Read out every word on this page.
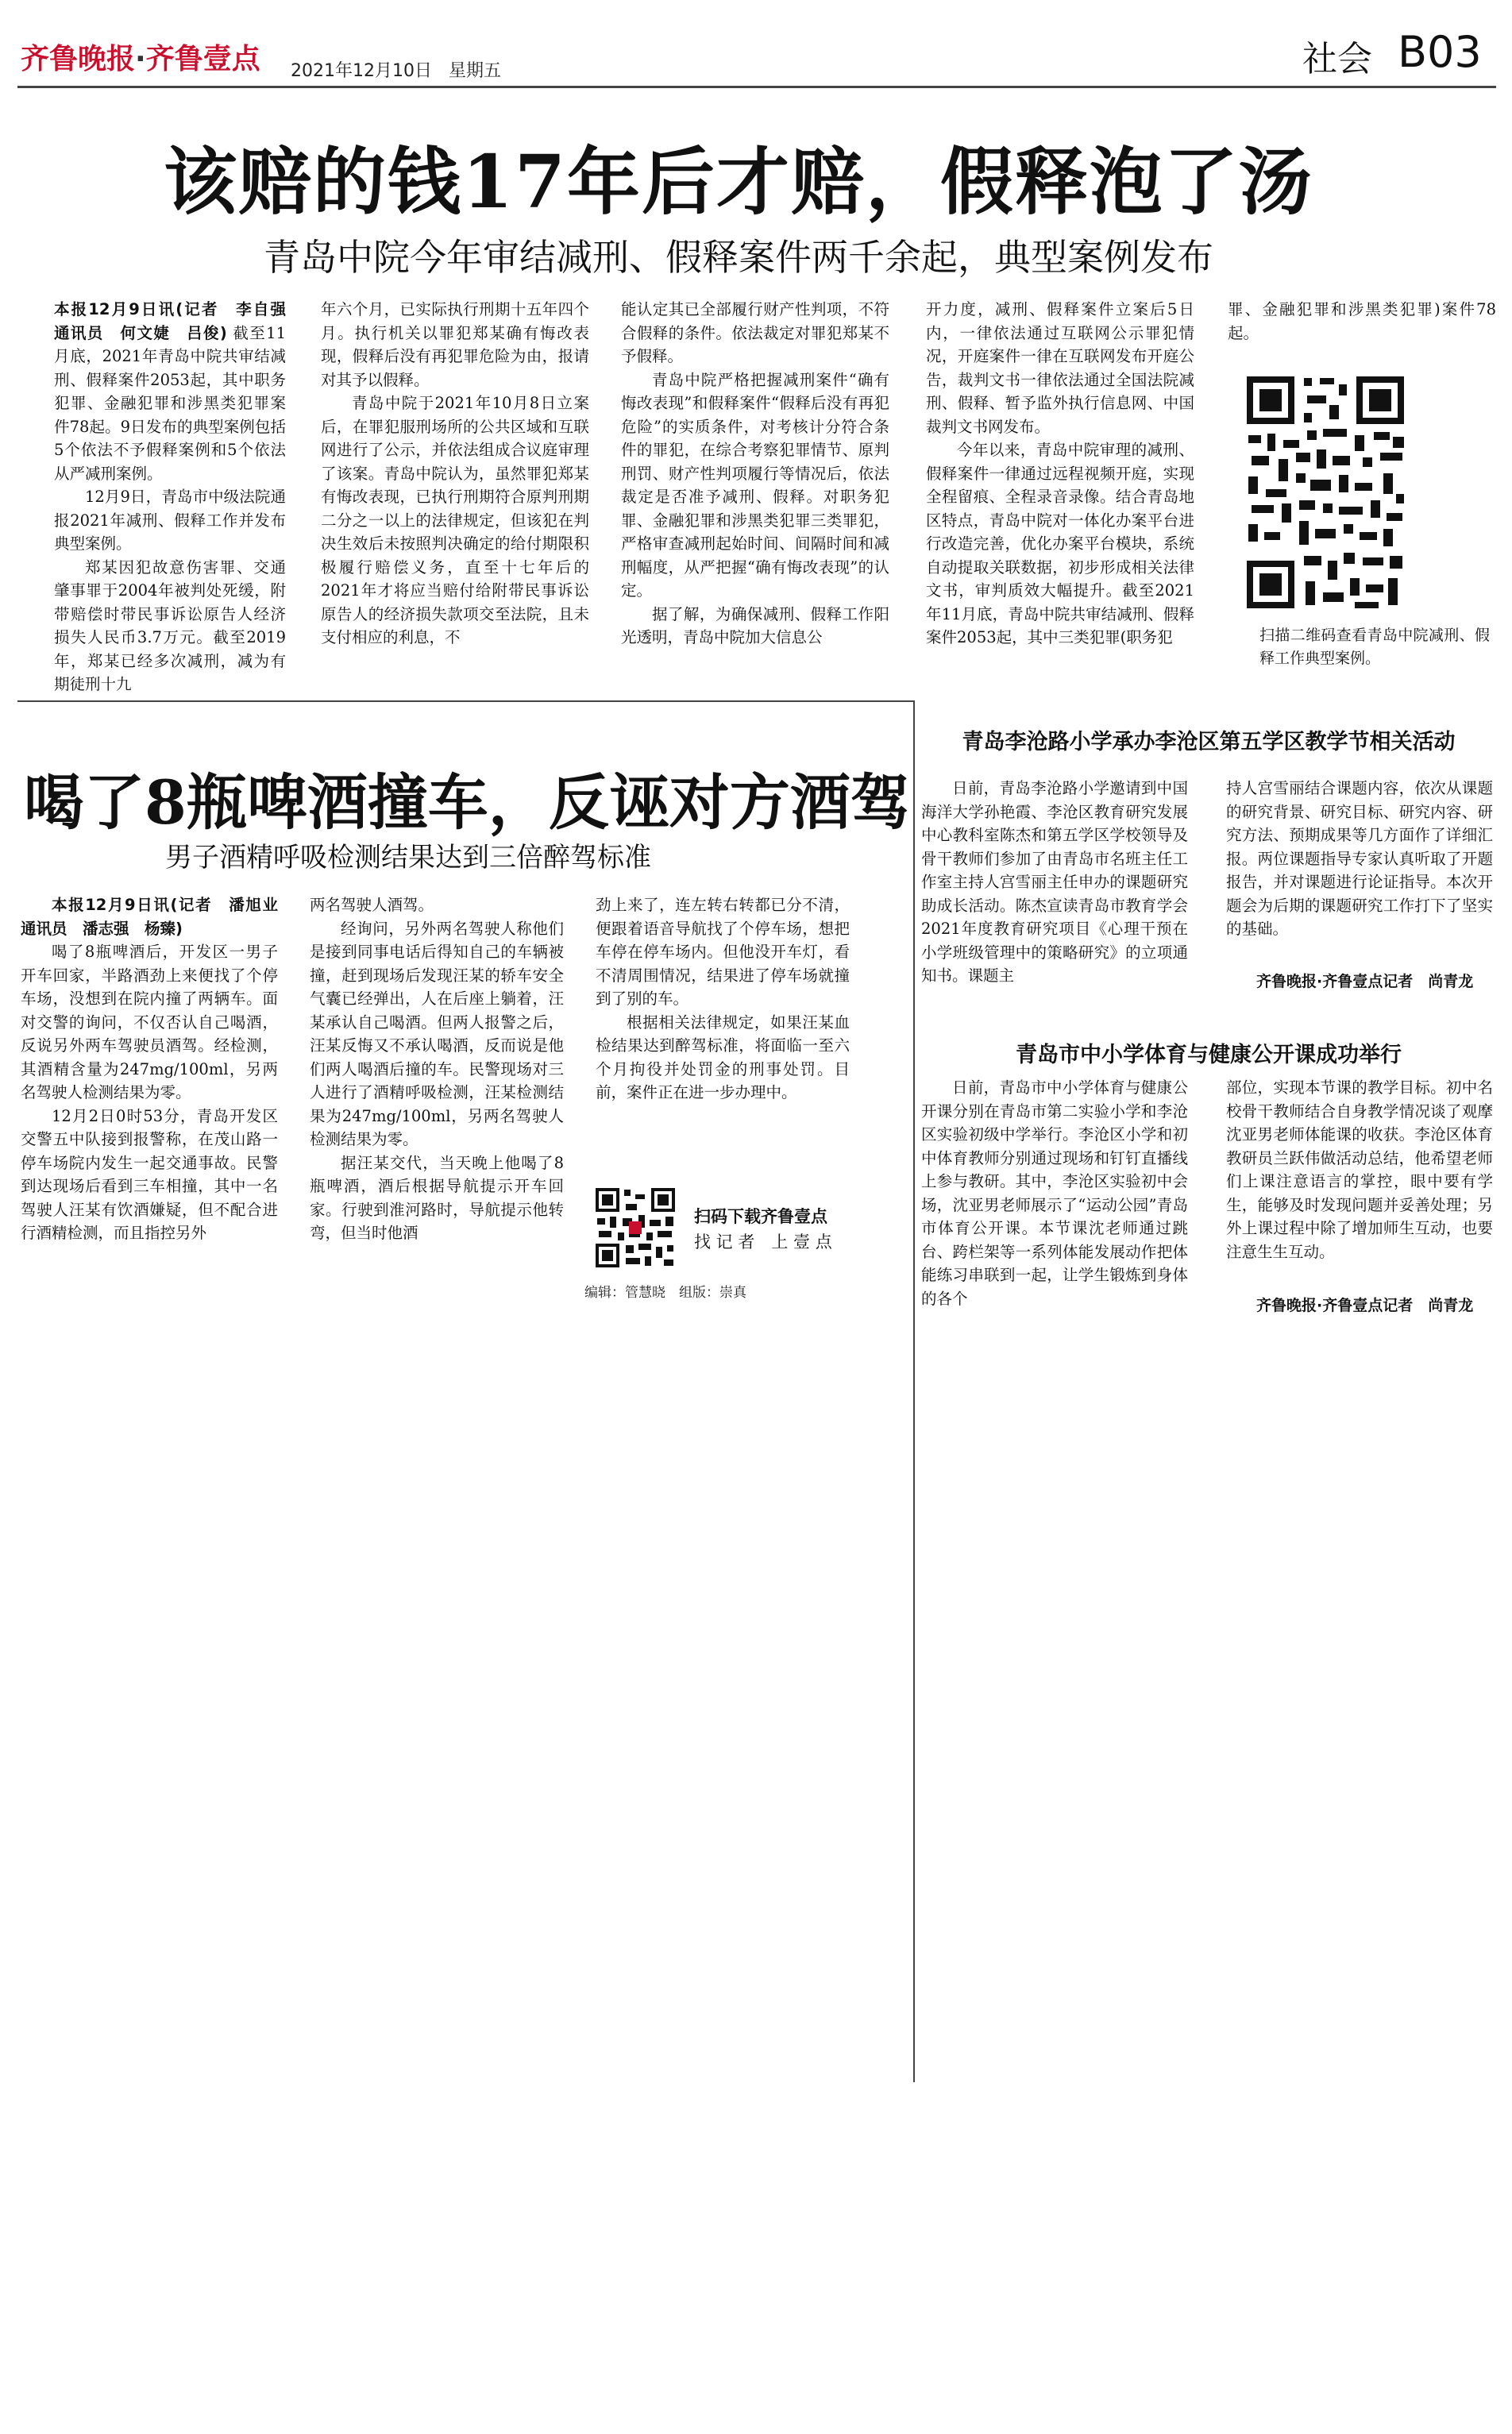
齐鲁晚报·齐鲁壹点 2021年12月10日 星期五	社会 B03
该赔的钱17年后才赔，假释泡了汤
青岛中院今年审结减刑、假释案件两千余起，典型案例发布

本报12月9日讯(记者　李自强　通讯员　何文婕　吕俊) 截至11月底，2021年青岛中院共审结减刑、假释案件2053起，其中职务犯罪、金融犯罪和涉黑类犯罪案件78起。9日发布的典型案例包括5个依法不予假释案例和5个依法从严减刑案例。

12月9日，青岛市中级法院通报2021年减刑、假释工作并发布典型案例。

郑某因犯故意伤害罪、交通肇事罪于2004年被判处死缓，附带赔偿时带民事诉讼原告人经济损失人民币3.7万元。截至2019年，郑某已经多次减刑，减为有期徒刑十九

年六个月，已实际执行刑期十五年四个月。执行机关以罪犯郑某确有悔改表现，假释后没有再犯罪危险为由，报请对其予以假释。

青岛中院于2021年10月8日立案后，在罪犯服刑场所的公共区域和互联网进行了公示，并依法组成合议庭审理了该案。青岛中院认为，虽然罪犯郑某有悔改表现，已执行刑期符合原判刑期二分之一以上的法律规定，但该犯在判决生效后未按照判决确定的给付期限积极履行赔偿义务，直至十七年后的2021年才将应当赔付给附带民事诉讼原告人的经济损失款项交至法院，且未支付相应的利息，不

能认定其已全部履行财产性判项，不符合假释的条件。依法裁定对罪犯郑某不予假释。

青岛中院严格把握减刑案件“确有悔改表现”和假释案件“假释后没有再犯危险”的实质条件，对考核计分符合条件的罪犯，在综合考察犯罪情节、原判刑罚、财产性判项履行等情况后，依法裁定是否准予减刑、假释。对职务犯罪、金融犯罪和涉黑类犯罪三类罪犯，严格审查减刑起始时间、间隔时间和减刑幅度，从严把握“确有悔改表现”的认定。

据了解，为确保减刑、假释工作阳光透明，青岛中院加大信息公

开力度，减刑、假释案件立案后5日内，一律依法通过互联网公示罪犯情况，开庭案件一律在互联网发布开庭公告，裁判文书一律依法通过全国法院减刑、假释、暂予监外执行信息网、中国裁判文书网发布。

今年以来，青岛中院审理的减刑、假释案件一律通过远程视频开庭，实现全程留痕、全程录音录像。结合青岛地区特点，青岛中院对一体化办案平台进行改造完善，优化办案平台模块，系统自动提取关联数据，初步形成相关法律文书，审判质效大幅提升。截至2021年11月底，青岛中院共审结减刑、假释案件2053起，其中三类犯罪(职务犯

罪、金融犯罪和涉黑类犯罪)案件78起。

扫描二维码查看青岛中院减刑、假释工作典型案例。
喝了8瓶啤酒撞车，反诬对方酒驾
男子酒精呼吸检测结果达到三倍醉驾标准

本报12月9日讯(记者　潘旭业　通讯员　潘志强　杨臻)

喝了8瓶啤酒后，开发区一男子开车回家，半路酒劲上来便找了个停车场，没想到在院内撞了两辆车。面对交警的询问，不仅否认自己喝酒，反说另外两车驾驶员酒驾。经检测，其酒精含量为247mg/100ml，另两名驾驶人检测结果为零。

12月2日0时53分，青岛开发区交警五中队接到报警称，在茂山路一停车场院内发生一起交通事故。民警到达现场后看到三车相撞，其中一名驾驶人汪某有饮酒嫌疑，但不配合进行酒精检测，而且指控另外

两名驾驶人酒驾。

经询问，另外两名驾驶人称他们是接到同事电话后得知自己的车辆被撞，赶到现场后发现汪某的轿车安全气囊已经弹出，人在后座上躺着，汪某承认自己喝酒。但两人报警之后，汪某反悔又不承认喝酒，反而说是他们两人喝酒后撞的车。民警现场对三人进行了酒精呼吸检测，汪某检测结果为247mg/100ml，另两名驾驶人检测结果为零。

据汪某交代，当天晚上他喝了8瓶啤酒，酒后根据导航提示开车回家。行驶到淮河路时，导航提示他转弯，但当时他酒

劲上来了，连左转右转都已分不清，便跟着语音导航找了个停车场，想把车停在停车场内。但他没开车灯，看不清周围情况，结果进了停车场就撞到了别的车。

根据相关法律规定，如果汪某血检结果达到醉驾标准，将面临一至六个月拘役并处罚金的刑事处罚。目前，案件正在进一步办理中。

扫码下载齐鲁壹点
找 记 者　上 壹 点
编辑：管慧晓　组版：崇真
青岛李沧路小学承办李沧区第五学区教学节相关活动

日前，青岛李沧路小学邀请到中国海洋大学孙艳霞、李沧区教育研究发展中心教科室陈杰和第五学区学校领导及骨干教师们参加了由青岛市名班主任工作室主持人宫雪丽主任申办的课题研究助成长活动。陈杰宣读青岛市教育学会2021年度教育研究项目《心理干预在小学班级管理中的策略研究》的立项通知书。课题主

持人宫雪丽结合课题内容，依次从课题的研究背景、研究目标、研究内容、研究方法、预期成果等几方面作了详细汇报。两位课题指导专家认真听取了开题报告，并对课题进行论证指导。本次开题会为后期的课题研究工作打下了坚实的基础。

齐鲁晚报·齐鲁壹点记者　尚青龙
青岛市中小学体育与健康公开课成功举行

日前，青岛市中小学体育与健康公开课分别在青岛市第二实验小学和李沧区实验初级中学举行。李沧区小学和初中体育教师分别通过现场和钉钉直播线上参与教研。其中，李沧区实验初中会场，沈亚男老师展示了“运动公园”青岛市体育公开课。本节课沈老师通过跳台、跨栏架等一系列体能发展动作把体能练习串联到一起，让学生锻炼到身体的各个

部位，实现本节课的教学目标。初中名校骨干教师结合自身教学情况谈了观摩沈亚男老师体能课的收获。李沧区体育教研员兰跃伟做活动总结，他希望老师们上课注意语言的掌控，眼中要有学生，能够及时发现问题并妥善处理；另外上课过程中除了增加师生互动，也要注意生生互动。

齐鲁晚报·齐鲁壹点记者　尚青龙
